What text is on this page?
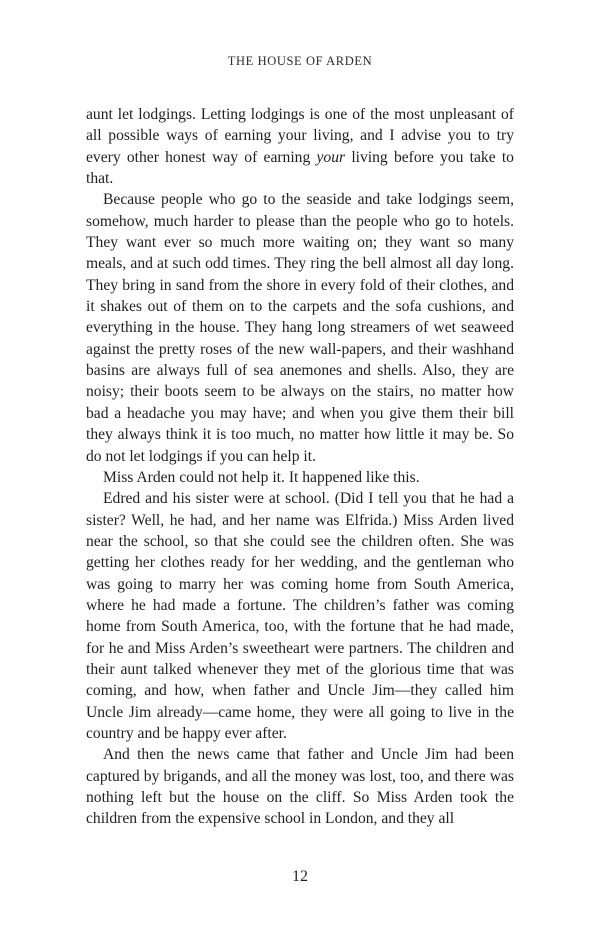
THE HOUSE OF ARDEN

aunt let lodgings. Letting lodgings is one of the most unpleasant of all possible ways of earning your living, and I advise you to try every other honest way of earning your living before you take to that.

Because people who go to the seaside and take lodgings seem, somehow, much harder to please than the people who go to hotels. They want ever so much more waiting on; they want so many meals, and at such odd times. They ring the bell almost all day long. They bring in sand from the shore in every fold of their clothes, and it shakes out of them on to the carpets and the sofa cushions, and everything in the house. They hang long streamers of wet seaweed against the pretty roses of the new wall-papers, and their washhand basins are always full of sea anemones and shells. Also, they are noisy; their boots seem to be always on the stairs, no matter how bad a headache you may have; and when you give them their bill they always think it is too much, no matter how little it may be. So do not let lodgings if you can help it.

Miss Arden could not help it. It happened like this.

Edred and his sister were at school. (Did I tell you that he had a sister? Well, he had, and her name was Elfrida.) Miss Arden lived near the school, so that she could see the children often. She was getting her clothes ready for her wedding, and the gentleman who was going to marry her was coming home from South America, where he had made a fortune. The children’s father was coming home from South America, too, with the fortune that he had made, for he and Miss Arden’s sweetheart were partners. The children and their aunt talked whenever they met of the glorious time that was coming, and how, when father and Uncle Jim—they called him Uncle Jim already—came home, they were all going to live in the country and be happy ever after.

And then the news came that father and Uncle Jim had been captured by brigands, and all the money was lost, too, and there was nothing left but the house on the cliff. So Miss Arden took the children from the expensive school in London, and they all

12
